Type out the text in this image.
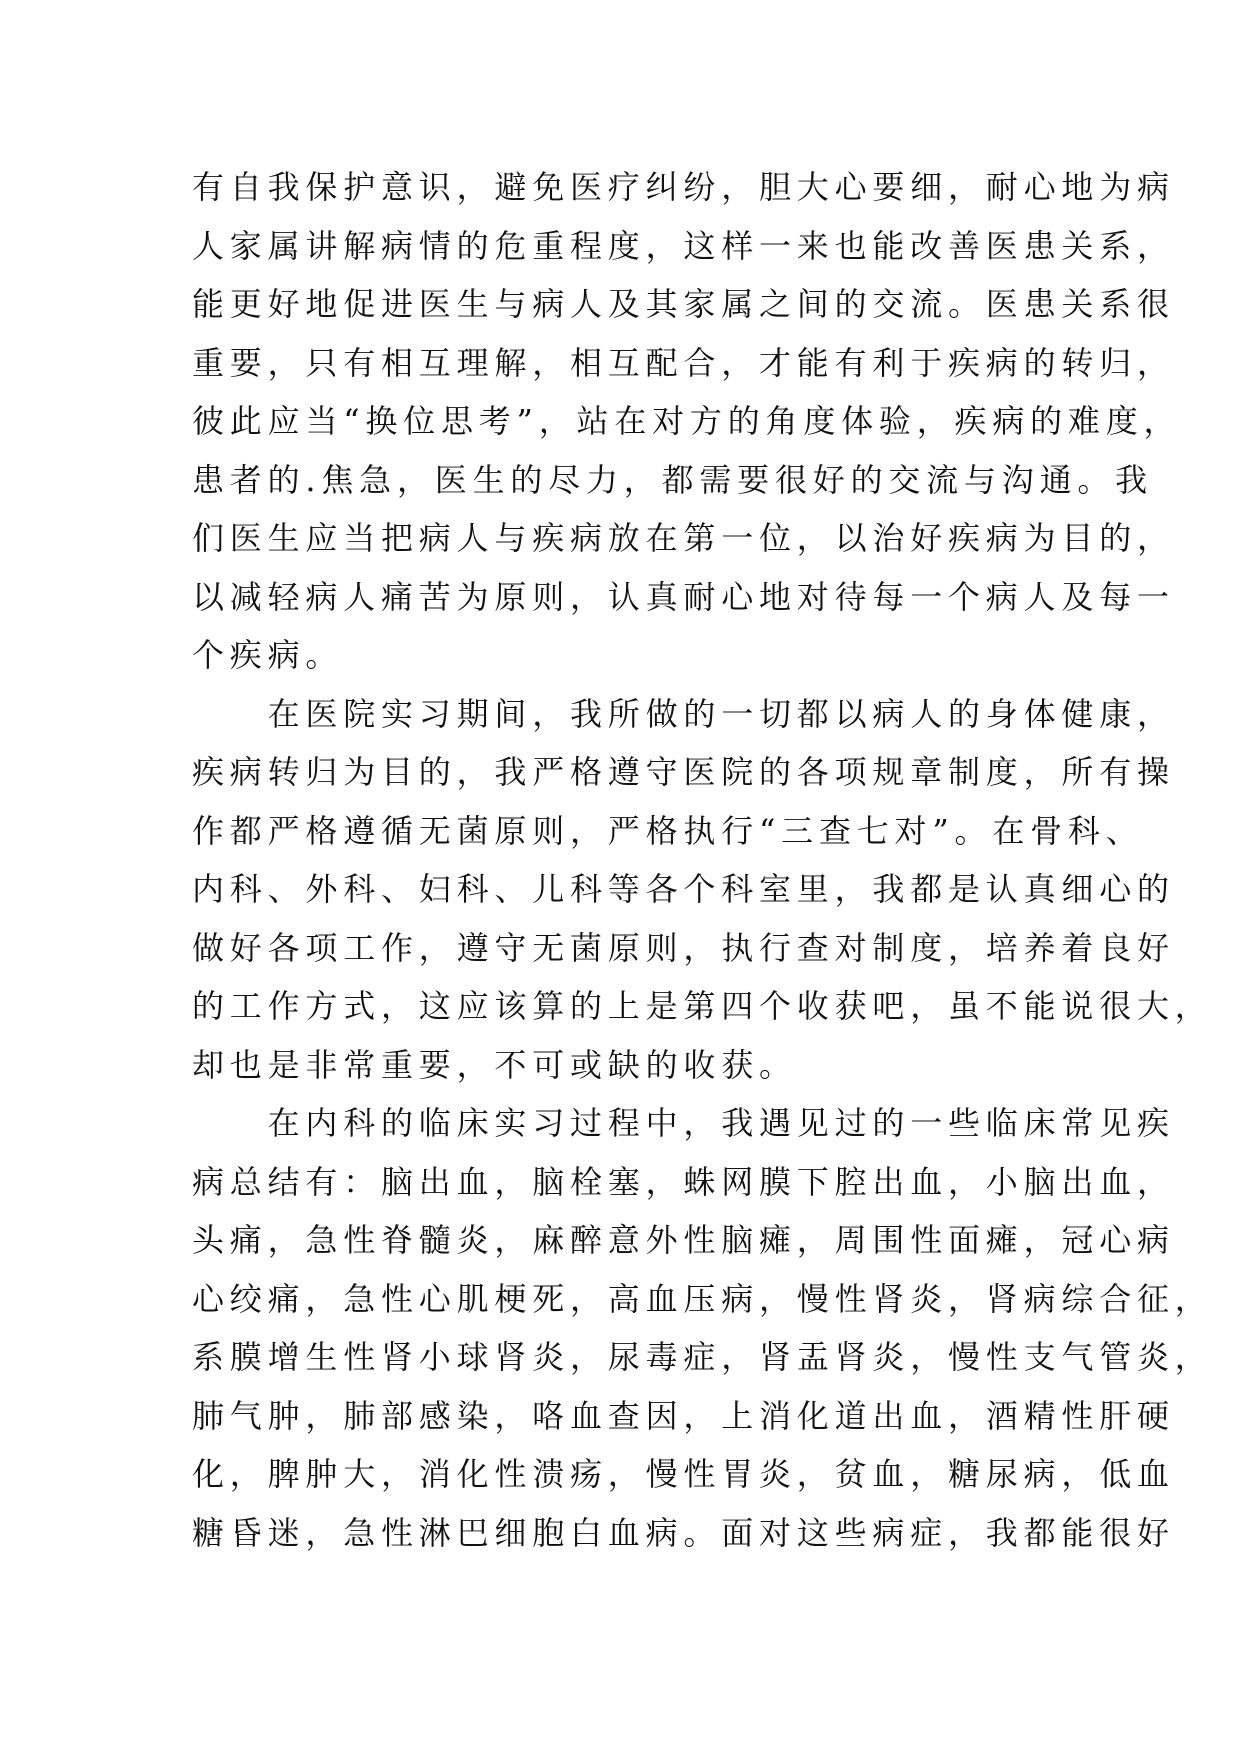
有自我保护意识，避免医疗纠纷，胆大心要细，耐心地为病
人家属讲解病情的危重程度，这样一来也能改善医患关系，
能更好地促进医生与病人及其家属之间的交流。医患关系很
重要，只有相互理解，相互配合，才能有利于疾病的转归，
彼此应当“换位思考”，站在对方的角度体验，疾病的难度，
患者的.焦急，医生的尽力，都需要很好的交流与沟通。我
们医生应当把病人与疾病放在第一位，以治好疾病为目的，
以减轻病人痛苦为原则，认真耐心地对待每一个病人及每一
个疾病。
　　在医院实习期间，我所做的一切都以病人的身体健康，
疾病转归为目的，我严格遵守医院的各项规章制度，所有操
作都严格遵循无菌原则，严格执行“三查七对”。在骨科、
内科、外科、妇科、儿科等各个科室里，我都是认真细心的
做好各项工作，遵守无菌原则，执行查对制度，培养着良好
的工作方式，这应该算的上是第四个收获吧，虽不能说很大，
却也是非常重要，不可或缺的收获。
　　在内科的临床实习过程中，我遇见过的一些临床常见疾
病总结有：脑出血，脑栓塞，蛛网膜下腔出血，小脑出血，
头痛，急性脊髓炎，麻醉意外性脑瘫，周围性面瘫，冠心病
心绞痛，急性心肌梗死，高血压病，慢性肾炎，肾病综合征，
系膜增生性肾小球肾炎，尿毒症，肾盂肾炎，慢性支气管炎，
肺气肿，肺部感染，咯血查因，上消化道出血，酒精性肝硬
化，脾肿大，消化性溃疡，慢性胃炎，贫血，糖尿病，低血
糖昏迷，急性淋巴细胞白血病。面对这些病症，我都能很好
